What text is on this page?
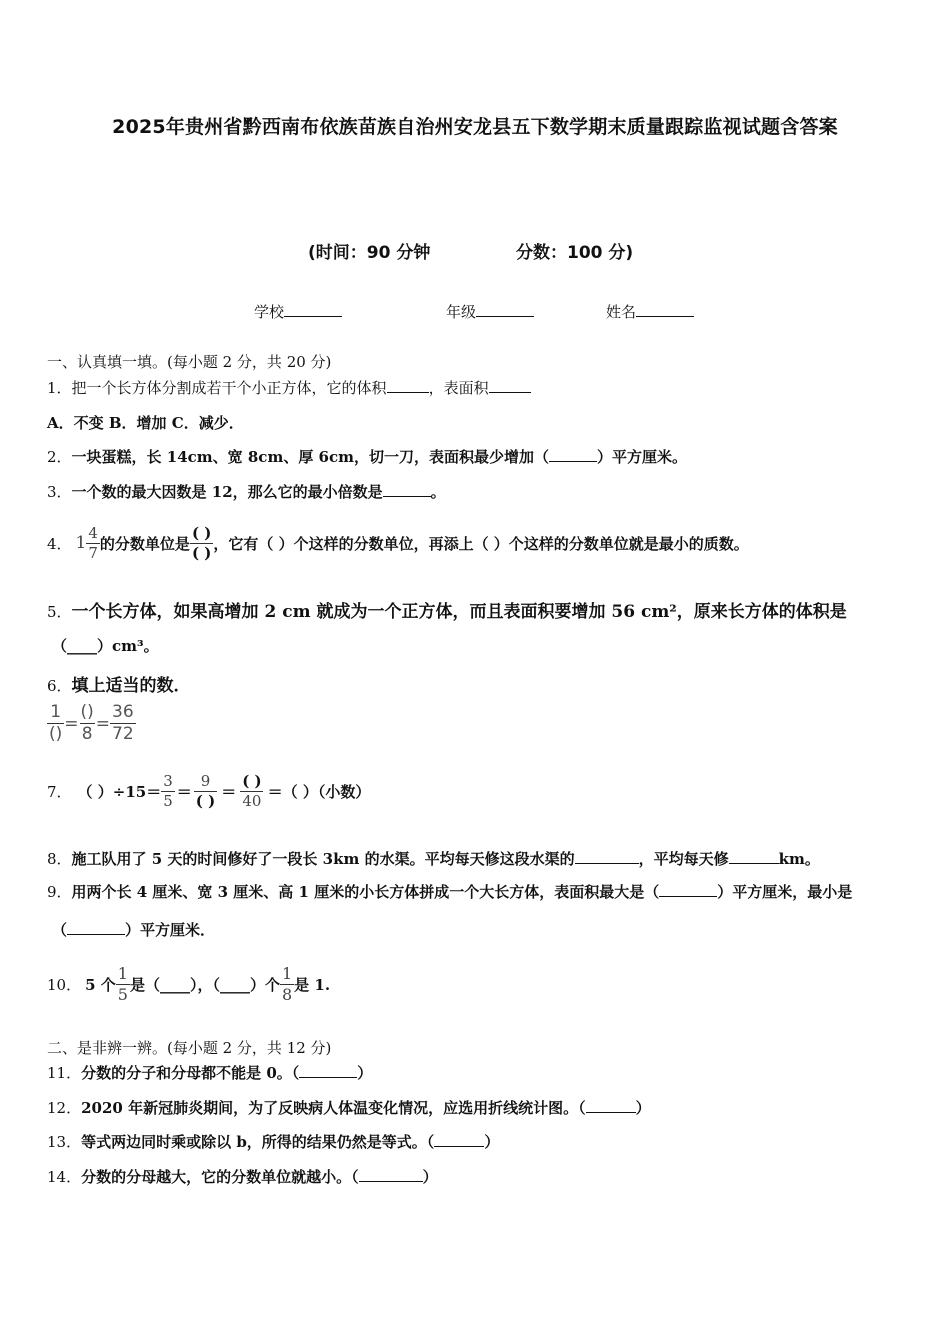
2025年贵州省黔西南布依族苗族自治州安龙县五下数学期末质量跟踪监视试题含答案
(时间：90 分钟	分数：100 分)
学校	年级	姓名
一、认真填一填。(每小题 2 分，共 20 分)
1．把一个长方体分割成若干个小正方体，它的体积	，表面积
A．不变 B．增加 C．减少．
2．一块蛋糕，长 14cm、宽 8cm、厚 6cm，切一刀，表面积最少增加（	）平方厘米。
3．一个数的最大因数是 12，那么它的最小倍数是	。
4． $1 \frac{4}{7}$ 的分数单位是 $\frac{( )}{( )}$ ，它有（ ）个这样的分数单位，再添上（ ）个这样的分数单位就是最小的质数。
5．一个长方体，如果高增加 2 cm 就成为一个正方体，而且表面积要增加 56 cm²，原来长方体的体积是
（____）cm³。
6．填上适当的数．
$\frac{1}{()} = \frac{()}{8} = \frac{36}{72}$
7． （ ）$\div 15= \frac{3}{5} = \frac{9}{( )} = \frac{( )}{40}$ ＝（ ）（小数）
8．施工队用了 5 天的时间修好了一段长 3km 的水渠。平均每天修这段水渠的	，平均每天修	km。
9．用两个长 4 厘米、宽 3 厘米、高 1 厘米的小长方体拼成一个大长方体，表面积最大是（	）平方厘米，最小是
（	）平方厘米．
10． 5 个 $\frac{1}{5}$ 是（____），（____）个 $\frac{1}{8}$ 是 1.
二、是非辨一辨。(每小题 2 分，共 12 分)
11．分数的分子和分母都不能是 0。（	）
12．2020 年新冠肺炎期间，为了反映病人体温变化情况，应选用折线统计图。（	）
13．等式两边同时乘或除以 b，所得的结果仍然是等式。（	）
14．分数的分母越大，它的分数单位就越小。（	）
